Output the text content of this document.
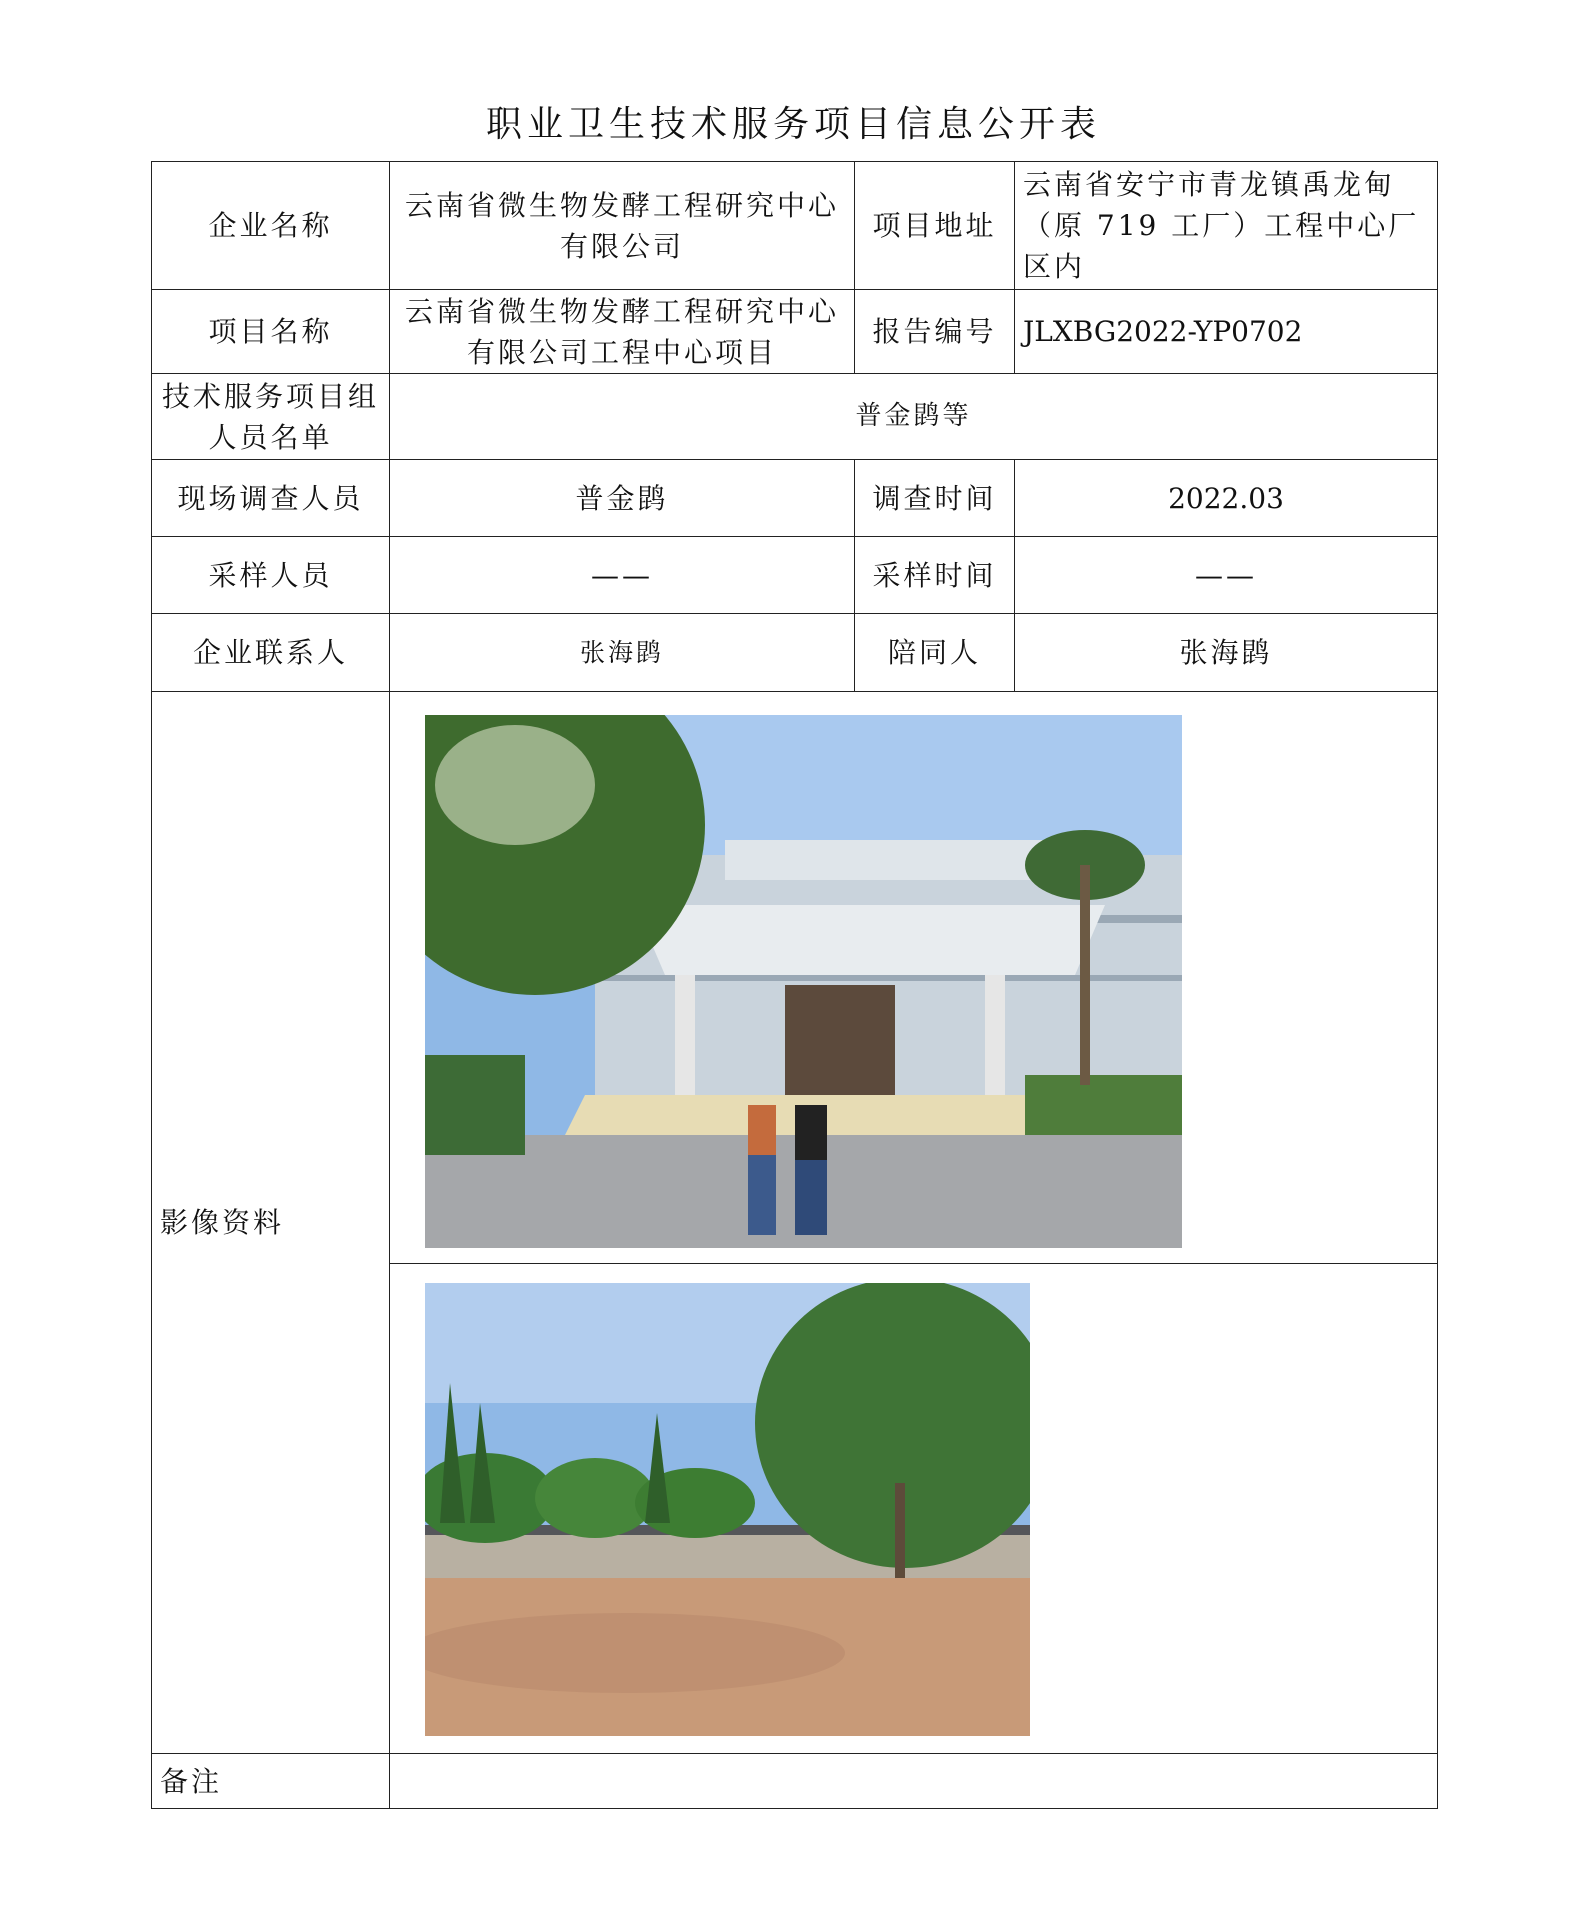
职业卫生技术服务项目信息公开表
企业名称	云南省微生物发酵工程研究中心有限公司	项目地址	云南省安宁市青龙镇禹龙甸（原 719 工厂）工程中心厂区内
项目名称	云南省微生物发酵工程研究中心有限公司工程中心项目	报告编号	JLXBG2022-YP0702
技术服务项目组人员名单	普金鹍等		
现场调查人员	普金鹍	调查时间	2022.03
采样人员	——	采样时间	——
企业联系人	张海鹍	陪同人	张海鹍
影像资料	

备注			
